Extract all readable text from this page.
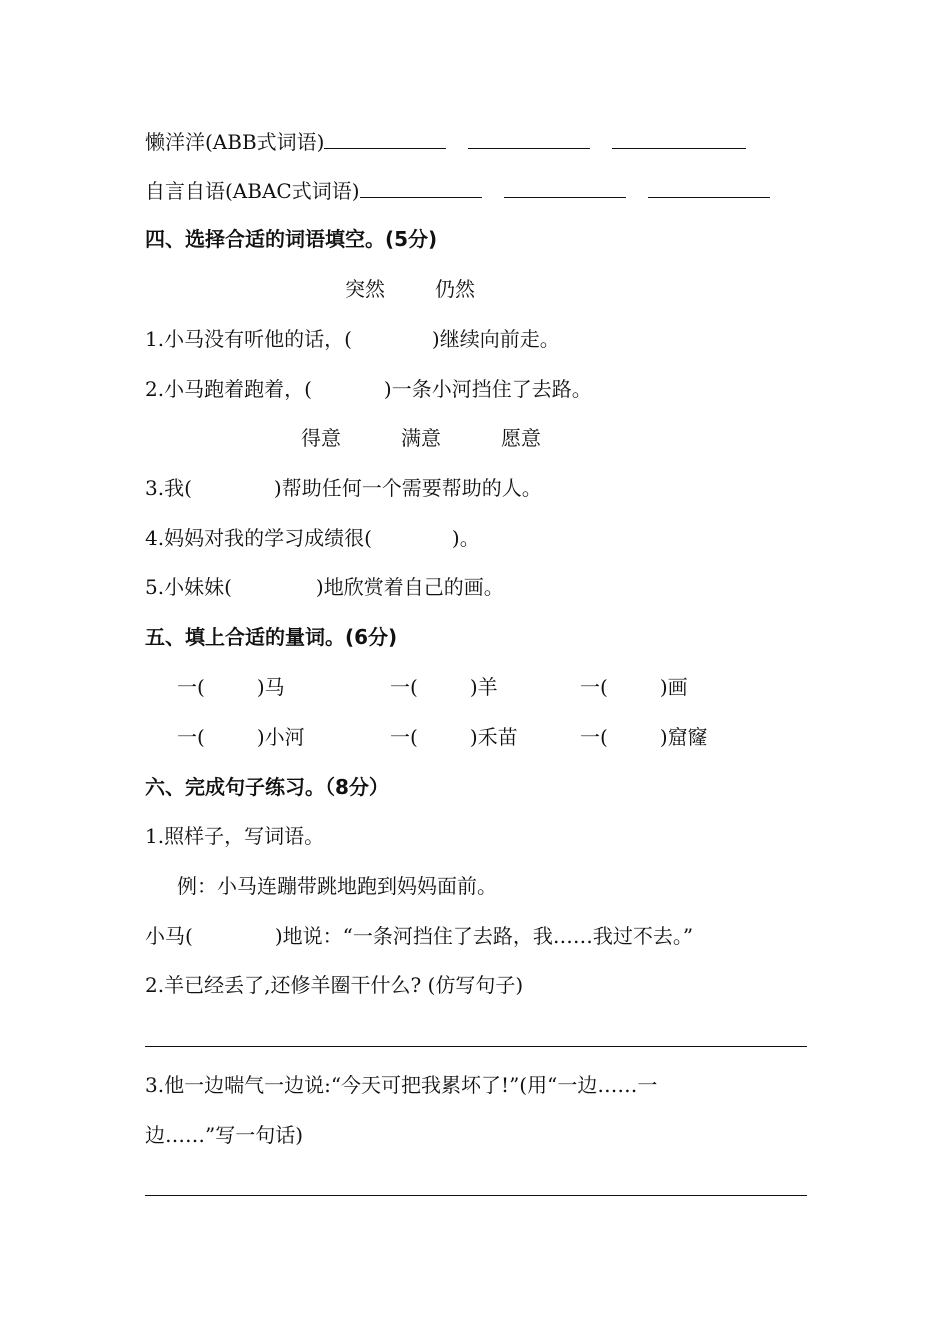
懒洋洋(ABB式词语)
自言自语(ABAC式词语)
四、选择合适的词语填空。(5分)
突然	仍然
1.小马没有听他的话，(	)继续向前走。
2.小马跑着跑着，(	)一条小河挡住了去路。
得意	满意	愿意
3.我(	)帮助任何一个需要帮助的人。
4.妈妈对我的学习成绩很(	)。
5.小妹妹(	)地欣赏着自己的画。
五、填上合适的量词。(6分)
一(	)马	一(	)羊	一(	)画
一(	)小河	一(	)禾苗	一(	)窟窿
六、完成句子练习。（8分）
1.照样子，写词语。
例：小马连蹦带跳地跑到妈妈面前。
小马(	)地说：“一条河挡住了去路，我……我过不去。”
2.羊已经丢了,还修羊圈干什么? (仿写句子)
3.他一边喘气一边说:“今天可把我累坏了!”(用“一边……一
边……”写一句话)
